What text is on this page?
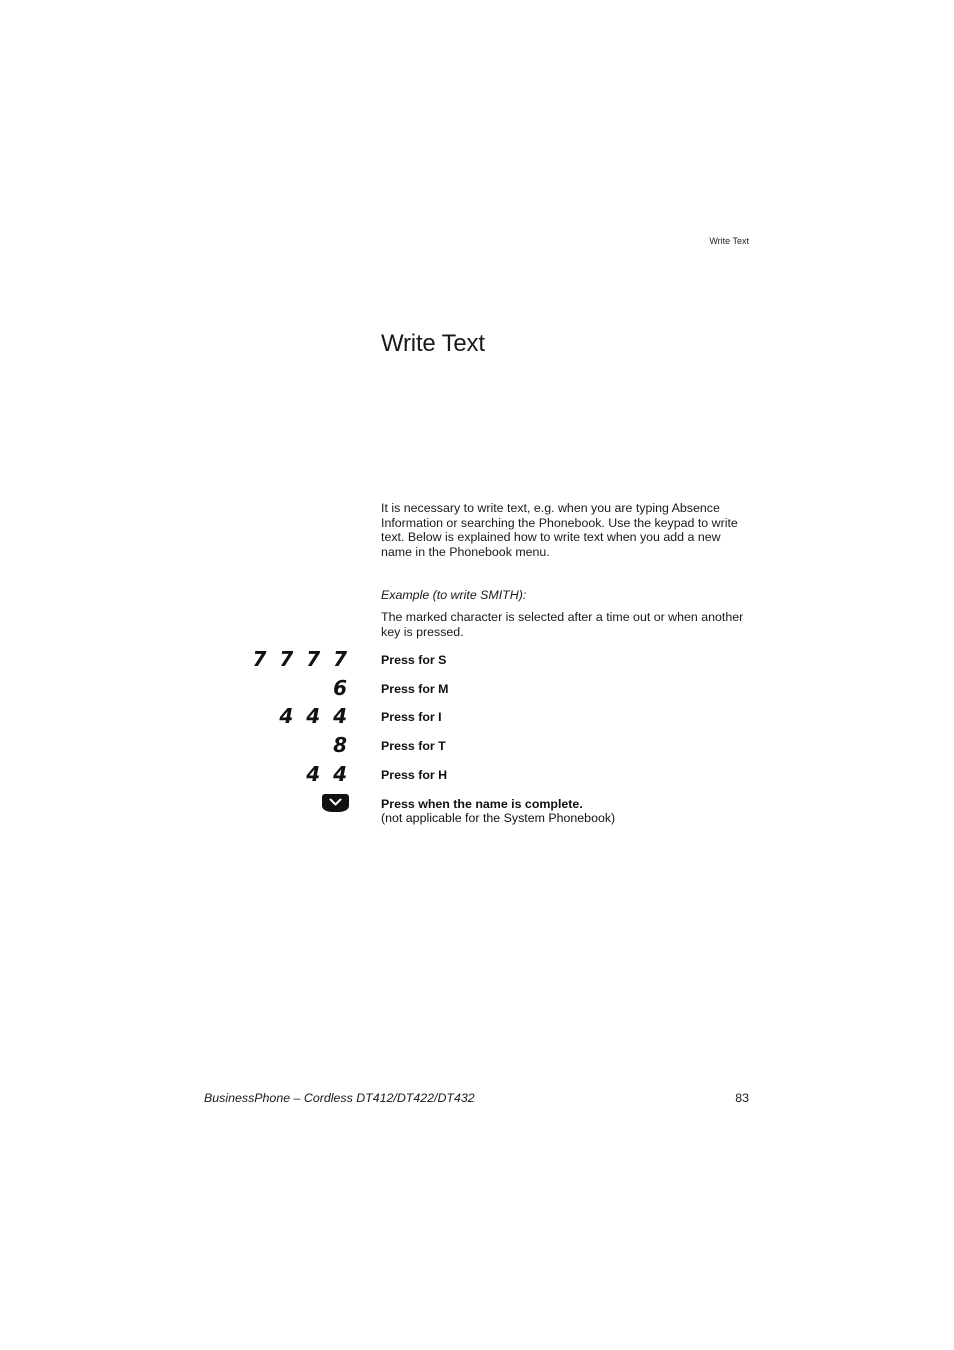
Write Text
Write Text

It is necessary to write text, e.g. when you are typing Absence Information or searching the Phonebook. Use the keypad to write text. Below is explained how to write text when you add a new name in the Phonebook menu.

Example (to write SMITH):

The marked character is selected after a time out or when another key is pressed.

7 7 7 7	Press for S
6	Press for M
4 4 4	Press for I
8	Press for T
4 4	Press for H
Press when the name is complete.
(not applicable for the System Phonebook)
BusinessPhone – Cordless DT412/DT422/DT432	83
